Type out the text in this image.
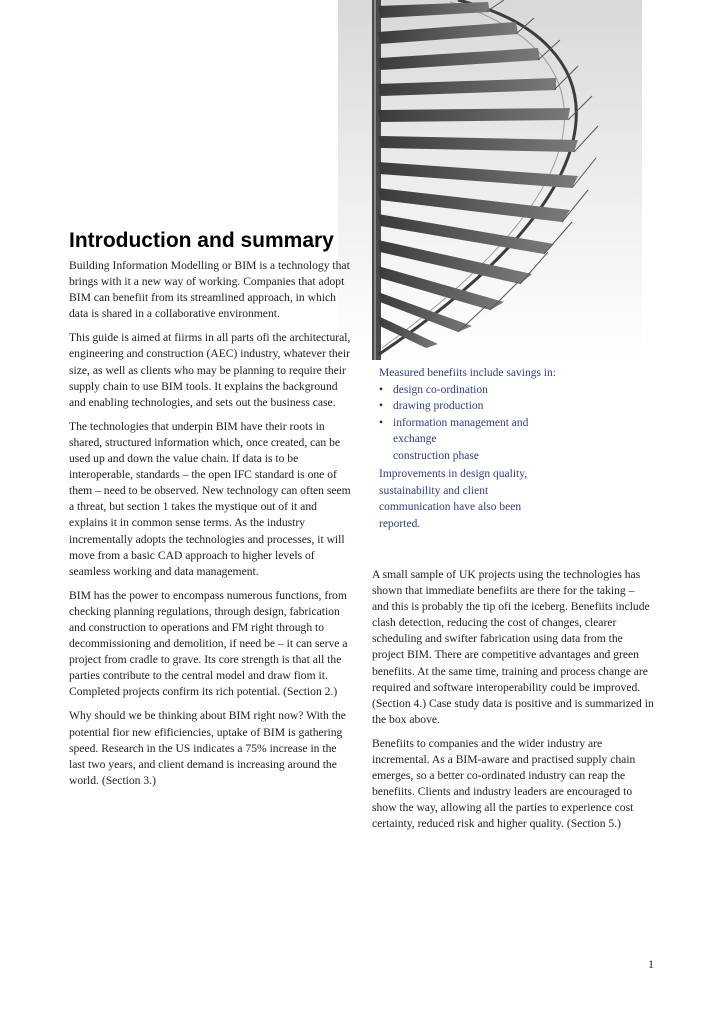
Introduction and summary

Building Information Modelling or BIM is a technology that brings with it a new way of working. Companies that adopt BIM can benefiit from its streamlined approach, in which data is shared in a collaborative environment.

This guide is aimed at fiirms in all parts ofi the architectural, engineering and construction (AEC) industry, whatever their size, as well as clients who may be planning to require their supply chain to use BIM tools. It explains the background and enabling technologies, and sets out the business case.

The technologies that underpin BIM have their roots in shared, structured information which, once created, can be used up and down the value chain. If data is to be interoperable, standards – the open IFC standard is one of them – need to be observed. New technology can often seem a threat, but section 1 takes the mystique out of it and explains it in common sense terms. As the industry incrementally adopts the technologies and processes, it will move from a basic CAD approach to higher levels of seamless working and data management.

BIM has the power to encompass numerous functions, from checking planning regulations, through design, fabrication and construction to operations and FM right through to decommissioning and demolition, if need be – it can serve a project from cradle to grave. Its core strength is that all the parties contribute to the central model and draw fiom it. Completed projects confirm its rich potential. (Section 2.)

Why should we be thinking about BIM right now? With the potential fior new efificiencies, uptake of BIM is gathering speed. Research in the US indicates a 75% increase in the last two years, and client demand is increasing around the world. (Section 3.)

Measured benefiits include savings in:

• design co-ordination
• drawing production
• information management and
exchange
construction phase

Improvements in design quality, sustainability and client communication have also been reported.

A small sample of UK projects using the technologies has shown that immediate benefiits are there for the taking – and this is probably the tip ofi the iceberg. Benefiits include clash detection, reducing the cost of changes, clearer scheduling and swifter fabrication using data from the project BIM. There are competitive advantages and green benefiits. At the same time, training and process change are required and software interoperability could be improved. (Section 4.) Case study data is positive and is summarized in the box above.

Benefiits to companies and the wider industry are incremental. As a BIM-aware and practised supply chain emerges, so a better co-ordinated industry can reap the benefiits. Clients and industry leaders are encouraged to show the way, allowing all the parties to experience cost certainty, reduced risk and higher quality. (Section 5.)

1
